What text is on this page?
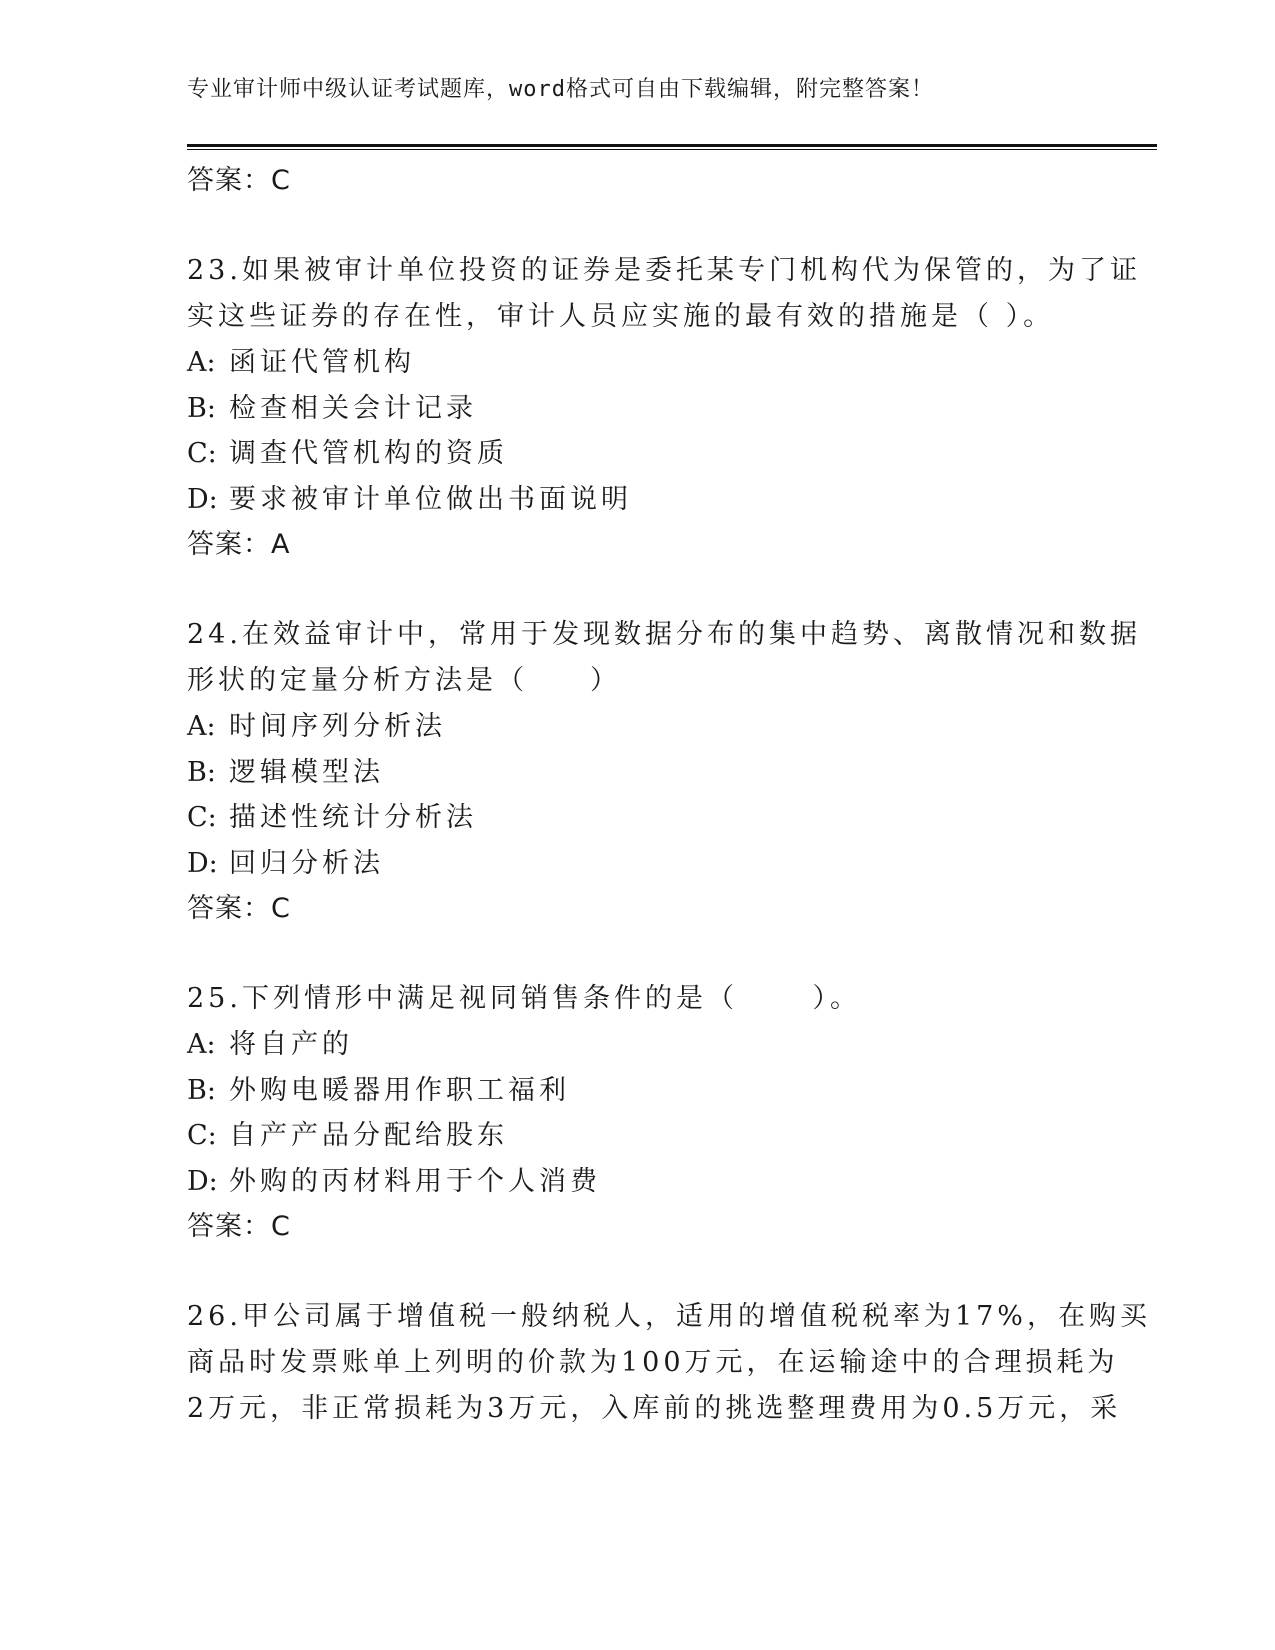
专业审计师中级认证考试题库，word格式可自由下载编辑，附完整答案！
答案：C
23.如果被审计单位投资的证券是委托某专门机构代为保管的，为了证
实这些证券的存在性，审计人员应实施的最有效的措施是（ ）。
A: 函证代管机构
B: 检查相关会计记录
C: 调查代管机构的资质
D: 要求被审计单位做出书面说明
答案：A
24.在效益审计中，常用于发现数据分布的集中趋势、离散情况和数据
形状的定量分析方法是（　　）
A: 时间序列分析法
B: 逻辑模型法
C: 描述性统计分析法
D: 回归分析法
答案：C
25.下列情形中满足视同销售条件的是（　　 ）。
A: 将自产的
B: 外购电暖器用作职工福利
C: 自产产品分配给股东
D: 外购的丙材料用于个人消费
答案：C
26.甲公司属于增值税一般纳税人，适用的增值税税率为17%，在购买
商品时发票账单上列明的价款为100万元，在运输途中的合理损耗为
2万元，非正常损耗为3万元，入库前的挑选整理费用为0.5万元，采
